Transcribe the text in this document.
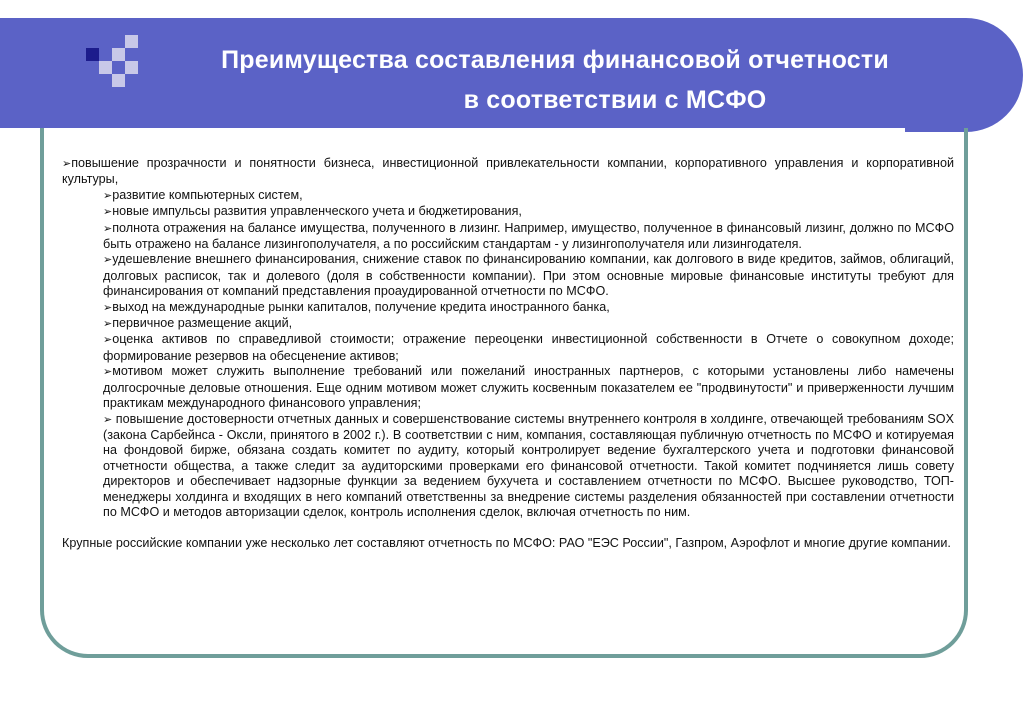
Преимущества составления финансовой отчетности
в соответствии с МСФО

➢повышение прозрачности и понятности бизнеса, инвестиционной привлекательности компании, корпоративного управления и корпоративной культуры,

➢развитие компьютерных систем,

➢новые импульсы развития управленческого учета и бюджетирования,

➢полнота отражения на балансе имущества, полученного в лизинг. Например, имущество, полученное в финансовый лизинг, должно по МСФО быть отражено на балансе лизингополучателя, а по российским стандартам - у лизингополучателя или лизингодателя.

➢удешевление внешнего финансирования, снижение ставок по финансированию компании, как долгового в виде кредитов, займов, облигаций, долговых расписок, так и долевого (доля в собственности компании). При этом основные мировые финансовые институты требуют для финансирования от компаний представления проаудированной отчетности по МСФО.

➢выход на международные рынки капиталов, получение кредита иностранного банка,

➢первичное размещение акций,

➢оценка активов по справедливой стоимости; отражение переоценки инвестиционной собственности в Отчете о совокупном доходе; формирование резервов на обесценение активов;

➢мотивом может служить выполнение требований или пожеланий иностранных партнеров, с которыми установлены либо намечены долгосрочные деловые отношения. Еще одним мотивом может служить косвенным показателем ее "продвинутости" и приверженности лучшим практикам международного финансового управления;

➢ повышение достоверности отчетных данных и совершенствование системы внутреннего контроля в холдинге, отвечающей требованиям SOX (закона Сарбейнса - Оксли, принятого в 2002 г.). В соответствии с ним, компания, составляющая публичную отчетность по МСФО и котируемая на фондовой бирже, обязана создать комитет по аудиту, который контролирует ведение бухгалтерского учета и подготовки финансовой отчетности общества, а также следит за аудиторскими проверками его финансовой отчетности. Такой комитет подчиняется лишь совету директоров и обеспечивает надзорные функции за ведением бухучета и составлением отчетности по МСФО. Высшее руководство, ТОП- менеджеры холдинга и входящих в него компаний ответственны за внедрение системы разделения обязанностей при составлении отчетности по МСФО и методов авторизации сделок, контроль исполнения сделок, включая отчетность по ним.

Крупные российские компании уже несколько лет составляют отчетность по МСФО: РАО "ЕЭС России", Газпром, Аэрофлот и многие другие компании.
